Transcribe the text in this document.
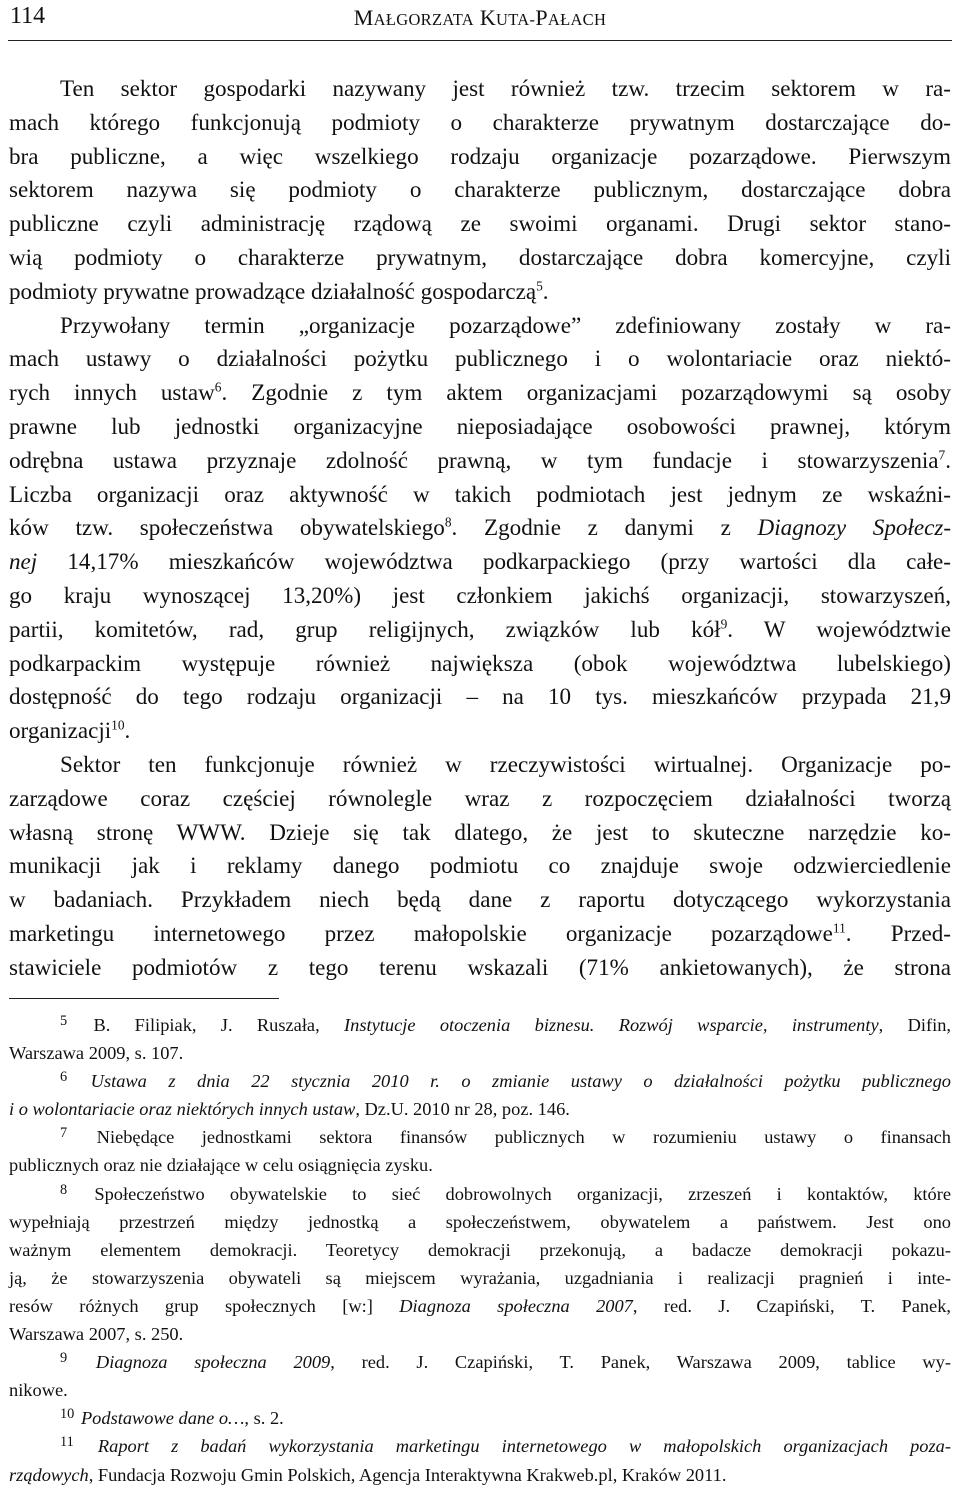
114	MAŁGORZATA KUTA-PAŁACH
Ten sektor gospodarki nazywany jest również tzw. trzecim sektorem w ra-
mach którego funkcjonują podmioty o charakterze prywatnym dostarczające do-
bra publiczne, a więc wszelkiego rodzaju organizacje pozarządowe. Pierwszym
sektorem nazywa się podmioty o charakterze publicznym, dostarczające dobra
publiczne czyli administrację rządową ze swoimi organami. Drugi sektor stano-
wią podmioty o charakterze prywatnym, dostarczające dobra komercyjne, czyli
podmioty prywatne prowadzące działalność gospodarczą$^5$.
Przywołany termin „organizacje pozarządowe” zdefiniowany zostały w ra-
mach ustawy o działalności pożytku publicznego i o wolontariacie oraz niektó-
rych innych ustaw$^6$. Zgodnie z tym aktem organizacjami pozarządowymi są osoby
prawne lub jednostki organizacyjne nieposiadające osobowości prawnej, którym
odrębna ustawa przyznaje zdolność prawną, w tym fundacje i stowarzyszenia$^7$.
Liczba organizacji oraz aktywność w takich podmiotach jest jednym ze wskaźni-
ków tzw. społeczeństwa obywatelskiego$^8$. Zgodnie z danymi z Diagnozy Społecz-
nej 14,17% mieszkańców województwa podkarpackiego (przy wartości dla całe-
go kraju wynoszącej 13,20%) jest członkiem jakichś organizacji, stowarzyszeń,
partii, komitetów, rad, grup religijnych, związków lub kół$^9$. W województwie
podkarpackim występuje również największa (obok województwa lubelskiego)
dostępność do tego rodzaju organizacji – na 10 tys. mieszkańców przypada 21,9
organizacji$^{10}$.
Sektor ten funkcjonuje również w rzeczywistości wirtualnej. Organizacje po-
zarządowe coraz częściej równolegle wraz z rozpoczęciem działalności tworzą
własną stronę WWW. Dzieje się tak dlatego, że jest to skuteczne narzędzie ko-
munikacji jak i reklamy danego podmiotu co znajduje swoje odzwierciedlenie
w badaniach. Przykładem niech będą dane z raportu dotyczącego wykorzystania
marketingu internetowego przez małopolskie organizacje pozarządowe$^{11}$. Przed-
stawiciele podmiotów z tego terenu wskazali (71% ankietowanych), że strona
$^5$ B. Filipiak, J. Ruszała, Instytucje otoczenia biznesu. Rozwój wsparcie, instrumenty, Difin,
Warszawa 2009, s. 107.
$^6$ Ustawa z dnia 22 stycznia 2010 r. o zmianie ustawy o działalności pożytku publicznego
i o wolontariacie oraz niektórych innych ustaw, Dz.U. 2010 nr 28, poz. 146.
$^7$ Niebędące jednostkami sektora finansów publicznych w rozumieniu ustawy o finansach
publicznych oraz nie działające w celu osiągnięcia zysku.
$^8$ Społeczeństwo obywatelskie to sieć dobrowolnych organizacji, zrzeszeń i kontaktów, które
wypełniają przestrzeń między jednostką a społeczeństwem, obywatelem a państwem. Jest ono
ważnym elementem demokracji. Teoretycy demokracji przekonują, a badacze demokracji pokazu-
ją, że stowarzyszenia obywateli są miejscem wyrażania, uzgadniania i realizacji pragnień i inte-
resów różnych grup społecznych [w:] Diagnoza społeczna 2007, red. J. Czapiński, T. Panek,
Warszawa 2007, s. 250.
$^9$ Diagnoza społeczna 2009, red. J. Czapiński, T. Panek, Warszawa 2009, tablice wy-
nikowe.
$^{10}$ Podstawowe dane o…, s. 2.
$^{11}$ Raport z badań wykorzystania marketingu internetowego w małopolskich organizacjach poza-
rządowych, Fundacja Rozwoju Gmin Polskich, Agencja Interaktywna Krakweb.pl, Kraków 2011.
